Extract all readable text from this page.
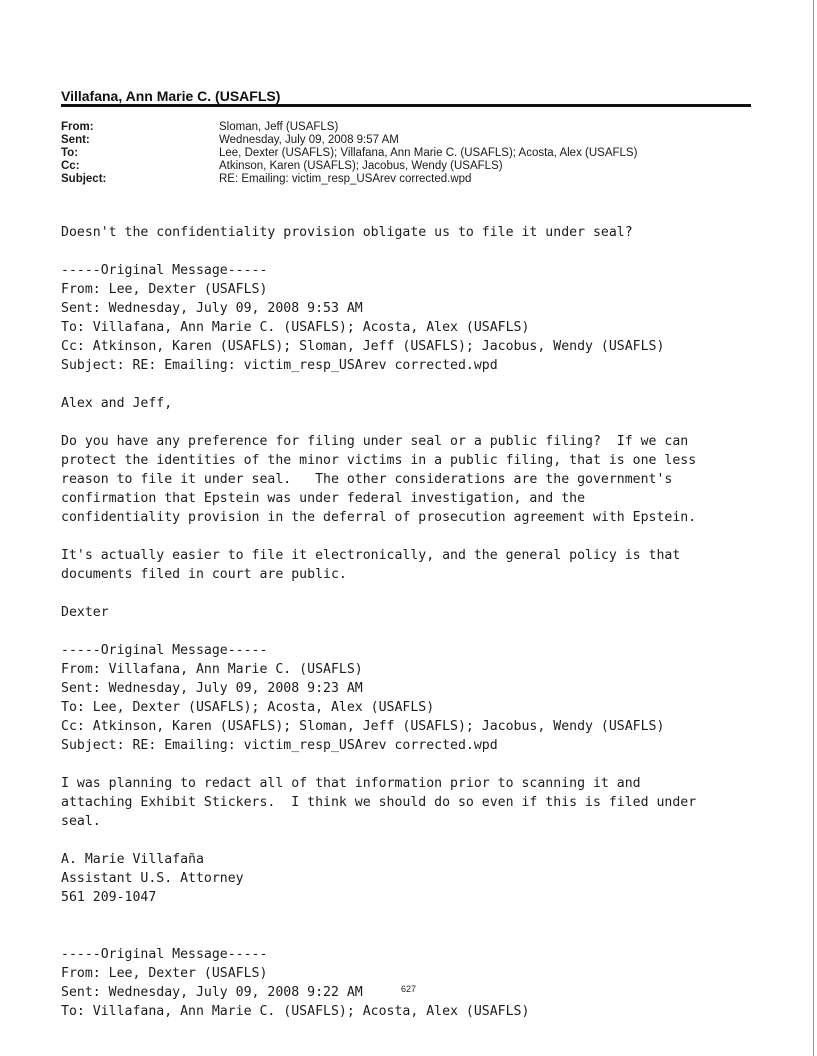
Villafana, Ann Marie C. (USAFLS)
From:	Sloman, Jeff (USAFLS)
Sent:	Wednesday, July 09, 2008 9:57 AM
To:	Lee, Dexter (USAFLS); Villafana, Ann Marie C. (USAFLS); Acosta, Alex (USAFLS)
Cc:	Atkinson, Karen (USAFLS); Jacobus, Wendy (USAFLS)
Subject:	RE: Emailing: victim_resp_USArev corrected.wpd
Doesn't the confidentiality provision obligate us to file it under seal?
-----Original Message-----
From: Lee, Dexter (USAFLS)
Sent: Wednesday, July 09, 2008 9:53 AM
To: Villafana, Ann Marie C. (USAFLS); Acosta, Alex (USAFLS)
Cc: Atkinson, Karen (USAFLS); Sloman, Jeff (USAFLS); Jacobus, Wendy (USAFLS)
Subject: RE: Emailing: victim_resp_USArev corrected.wpd
Alex and Jeff,
Do you have any preference for filing under seal or a public filing?  If we can
protect the identities of the minor victims in a public filing, that is one less
reason to file it under seal.   The other considerations are the government's
confirmation that Epstein was under federal investigation, and the
confidentiality provision in the deferral of prosecution agreement with Epstein.
It's actually easier to file it electronically, and the general policy is that
documents filed in court are public.
Dexter
-----Original Message-----
From: Villafana, Ann Marie C. (USAFLS)
Sent: Wednesday, July 09, 2008 9:23 AM
To: Lee, Dexter (USAFLS); Acosta, Alex (USAFLS)
Cc: Atkinson, Karen (USAFLS); Sloman, Jeff (USAFLS); Jacobus, Wendy (USAFLS)
Subject: RE: Emailing: victim_resp_USArev corrected.wpd
I was planning to redact all of that information prior to scanning it and
attaching Exhibit Stickers.  I think we should do so even if this is filed under
seal.
A. Marie Villafaña
Assistant U.S. Attorney
561 209-1047
-----Original Message-----
From: Lee, Dexter (USAFLS)
Sent: Wednesday, July 09, 2008 9:22 AM
To: Villafana, Ann Marie C. (USAFLS); Acosta, Alex (USAFLS)
627
